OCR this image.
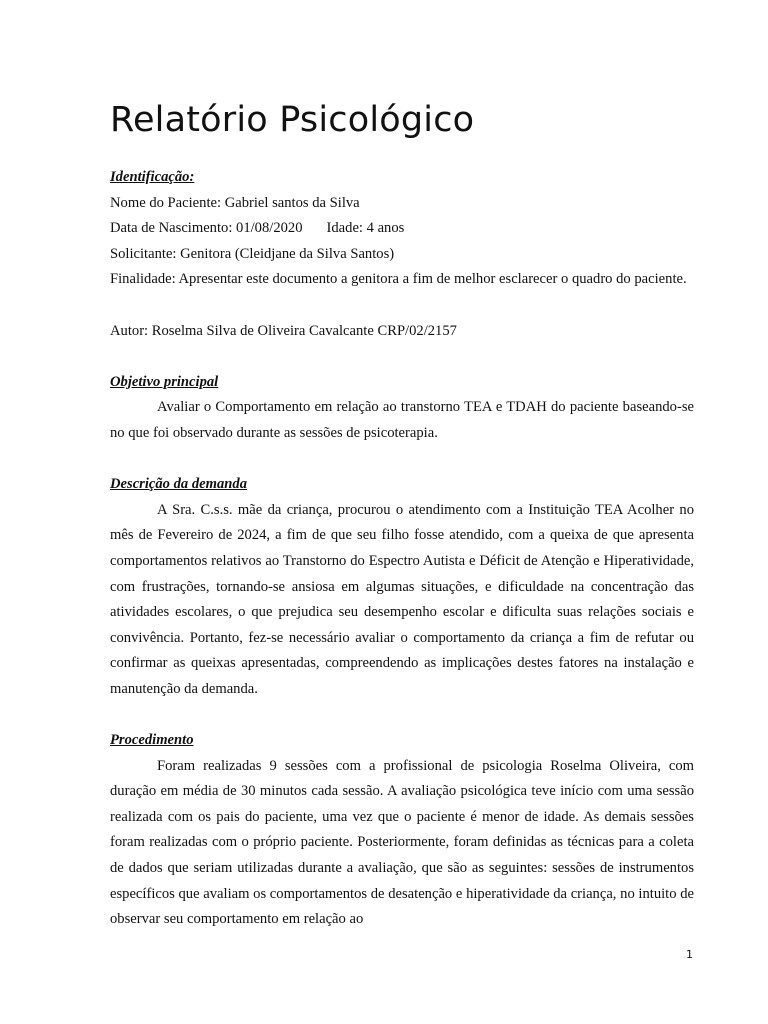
Relatório Psicológico

Identificação:

Nome do Paciente: Gabriel santos da Silva

Data de Nascimento: 01/08/2020 Idade: 4 anos

Solicitante: Genitora (Cleidjane da Silva Santos)

Finalidade: Apresentar este documento a genitora a fim de melhor esclarecer o quadro do paciente.

Autor: Roselma Silva de Oliveira Cavalcante CRP/02/2157

Objetivo principal

Avaliar o Comportamento em relação ao transtorno TEA e TDAH do paciente baseando-se no que foi observado durante as sessões de psicoterapia.

Descrição da demanda

A Sra. C.s.s. mãe da criança, procurou o atendimento com a Instituição TEA Acolher no mês de Fevereiro de 2024, a fim de que seu filho fosse atendido, com a queixa de que apresenta comportamentos relativos ao Transtorno do Espectro Autista e Déficit de Atenção e Hiperatividade, com frustrações, tornando-se ansiosa em algumas situações, e dificuldade na concentração das atividades escolares, o que prejudica seu desempenho escolar e dificulta suas relações sociais e convivência. Portanto, fez-se necessário avaliar o comportamento da criança a fim de refutar ou confirmar as queixas apresentadas, compreendendo as implicações destes fatores na instalação e manutenção da demanda.

Procedimento

Foram realizadas 9 sessões com a profissional de psicologia Roselma Oliveira, com duração em média de 30 minutos cada sessão. A avaliação psicológica teve início com uma sessão realizada com os pais do paciente, uma vez que o paciente é menor de idade. As demais sessões foram realizadas com o próprio paciente. Posteriormente, foram definidas as técnicas para a coleta de dados que seriam utilizadas durante a avaliação, que são as seguintes: sessões de instrumentos específicos que avaliam os comportamentos de desatenção e hiperatividade da criança, no intuito de observar seu comportamento em relação ao

1
